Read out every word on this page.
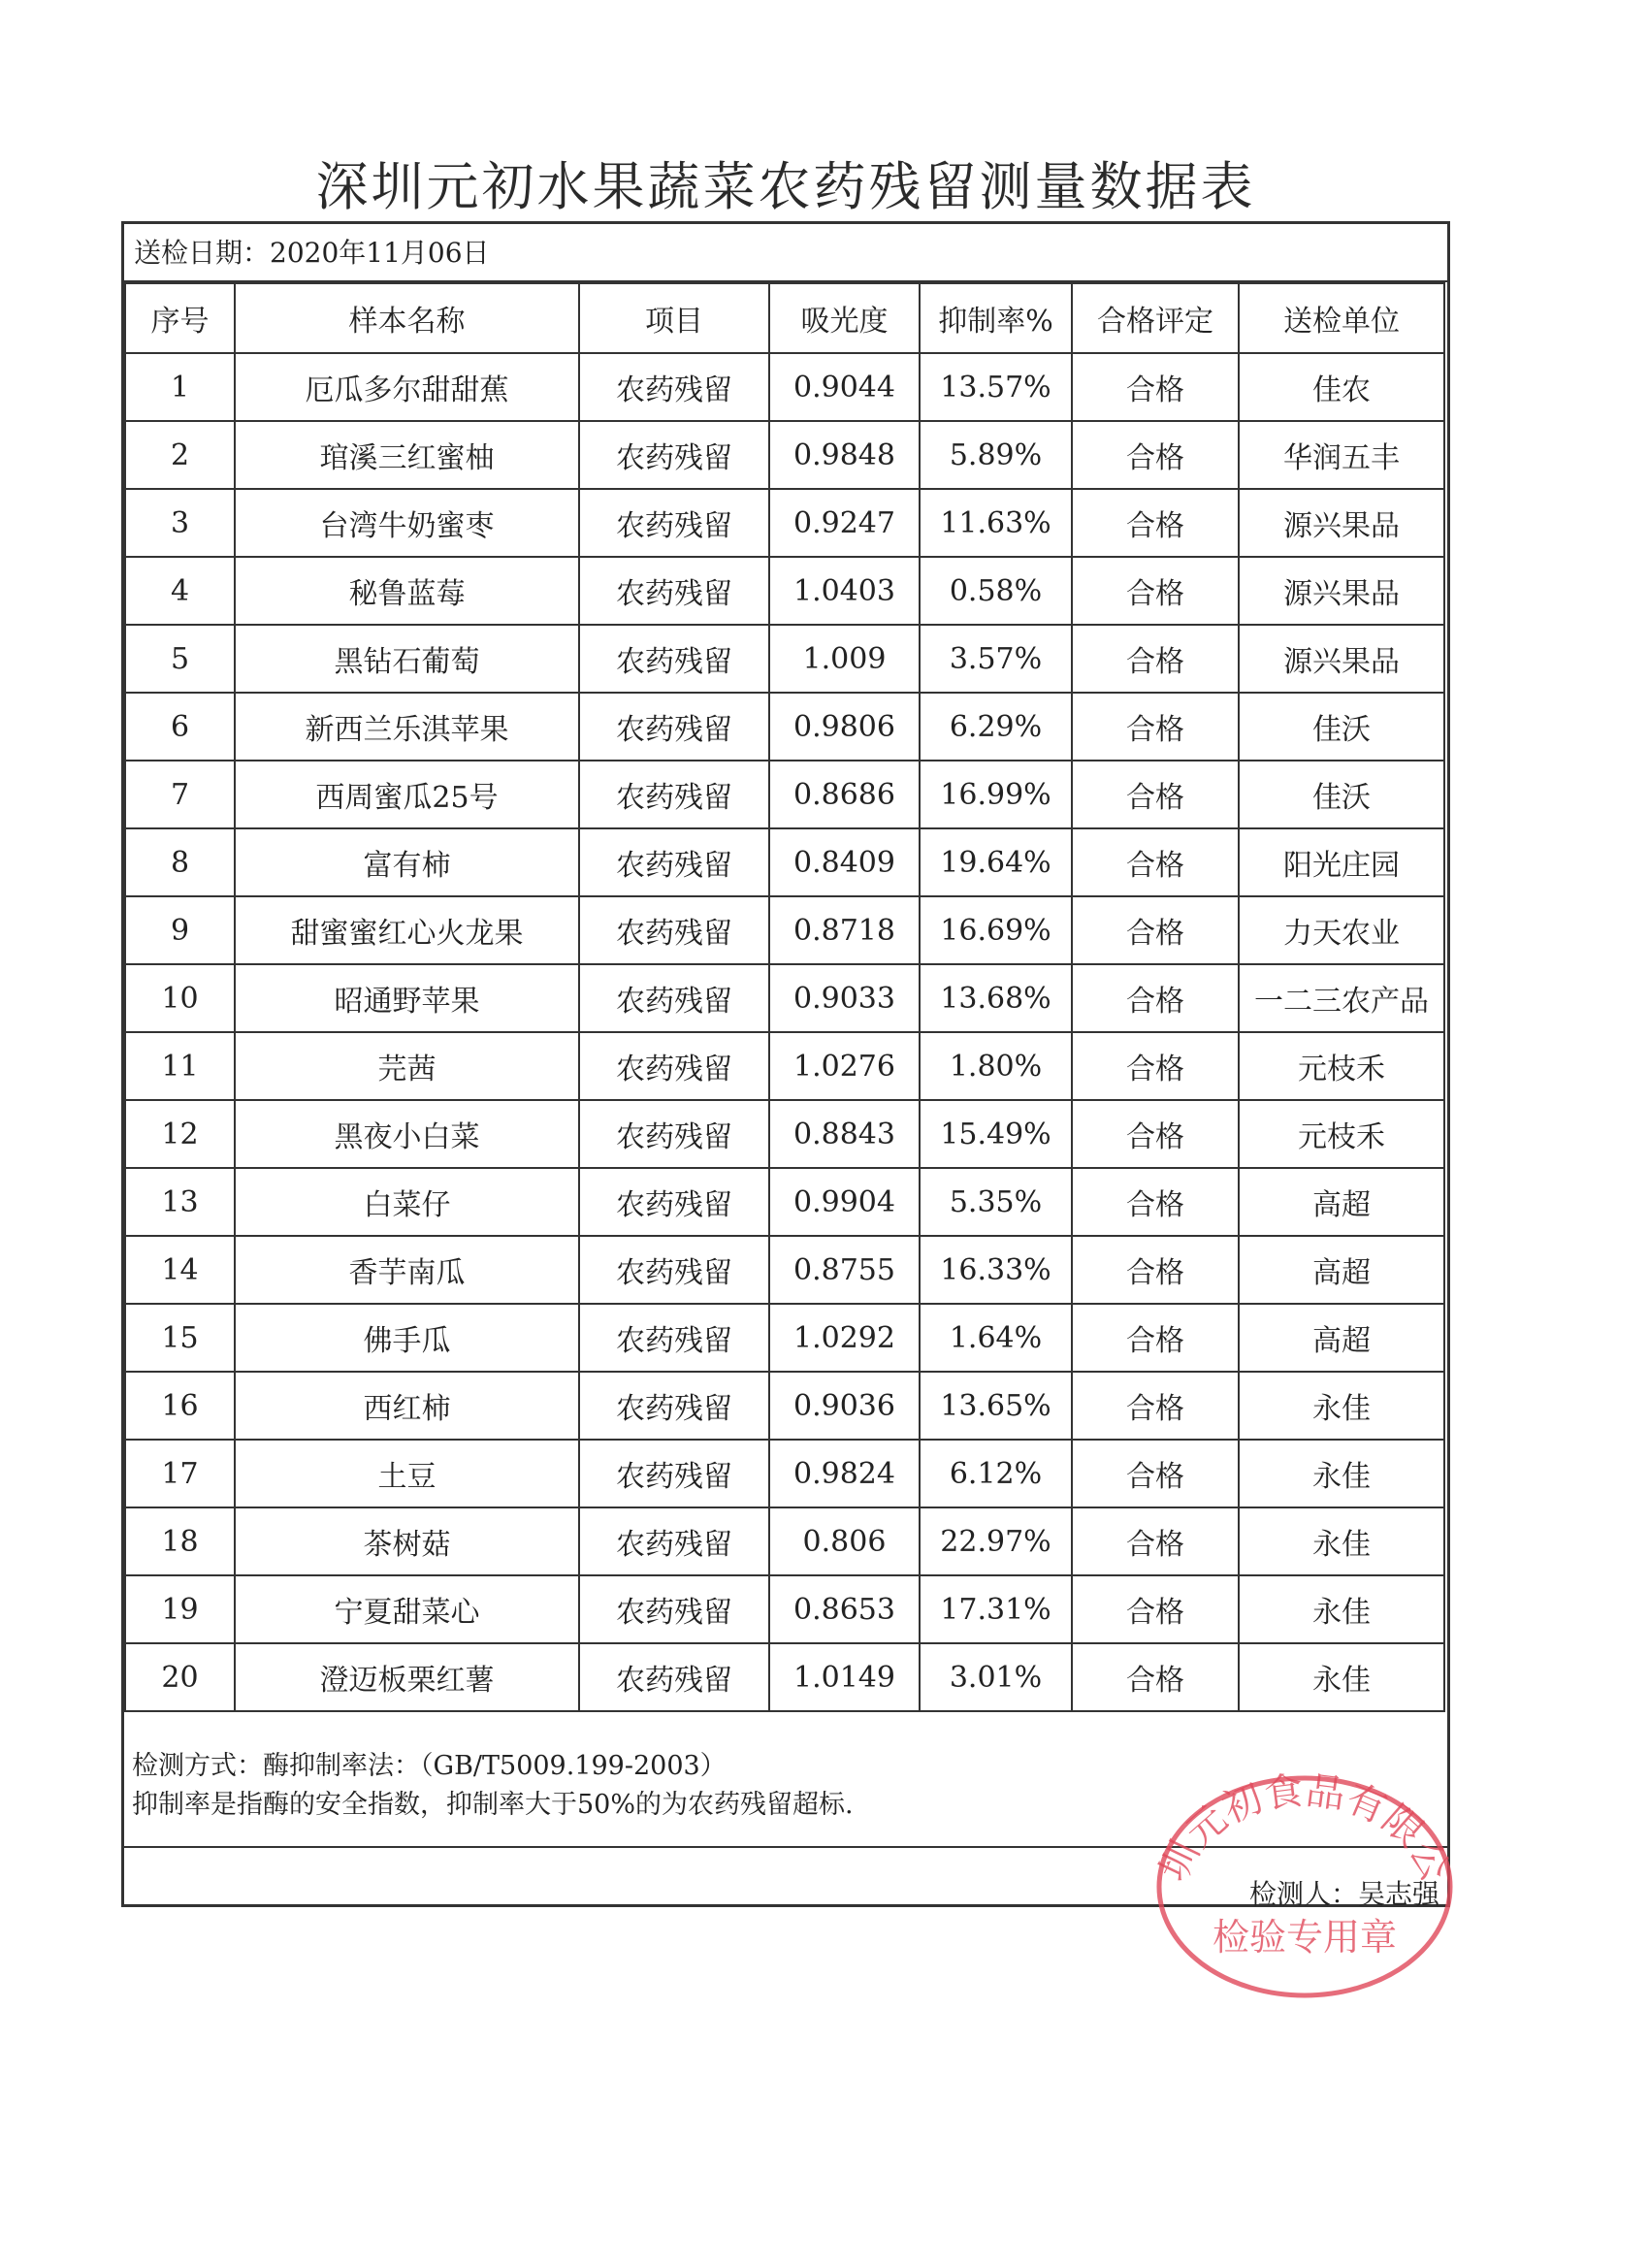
深圳元初水果蔬菜农药残留测量数据表
送检日期：2020年11月06日
序号	样本名称	项目	吸光度	抑制率%	合格评定	送检单位
1	厄瓜多尔甜甜蕉	农药残留	0.9044	13.57%	合格	佳农
2	琯溪三红蜜柚	农药残留	0.9848	5.89%	合格	华润五丰
3	台湾牛奶蜜枣	农药残留	0.9247	11.63%	合格	源兴果品
4	秘鲁蓝莓	农药残留	1.0403	0.58%	合格	源兴果品
5	黑钻石葡萄	农药残留	1.009	3.57%	合格	源兴果品
6	新西兰乐淇苹果	农药残留	0.9806	6.29%	合格	佳沃
7	西周蜜瓜25号	农药残留	0.8686	16.99%	合格	佳沃
8	富有柿	农药残留	0.8409	19.64%	合格	阳光庄园
9	甜蜜蜜红心火龙果	农药残留	0.8718	16.69%	合格	力天农业
10	昭通野苹果	农药残留	0.9033	13.68%	合格	一二三农产品
11	芫茜	农药残留	1.0276	1.80%	合格	元枝禾
12	黑夜小白菜	农药残留	0.8843	15.49%	合格	元枝禾
13	白菜仔	农药残留	0.9904	5.35%	合格	高超
14	香芋南瓜	农药残留	0.8755	16.33%	合格	高超
15	佛手瓜	农药残留	1.0292	1.64%	合格	高超
16	西红柿	农药残留	0.9036	13.65%	合格	永佳
17	土豆	农药残留	0.9824	6.12%	合格	永佳
18	茶树菇	农药残留	0.806	22.97%	合格	永佳
19	宁夏甜菜心	农药残留	0.8653	17.31%	合格	永佳
20	澄迈板栗红薯	农药残留	1.0149	3.01%	合格	永佳
检测方式：酶抑制率法：（GB/T5009.199-2003）
抑制率是指酶的安全指数，抑制率大于50%的为农药残留超标.
检测人：吴志强
圳元初食品有限公
检验专用章
